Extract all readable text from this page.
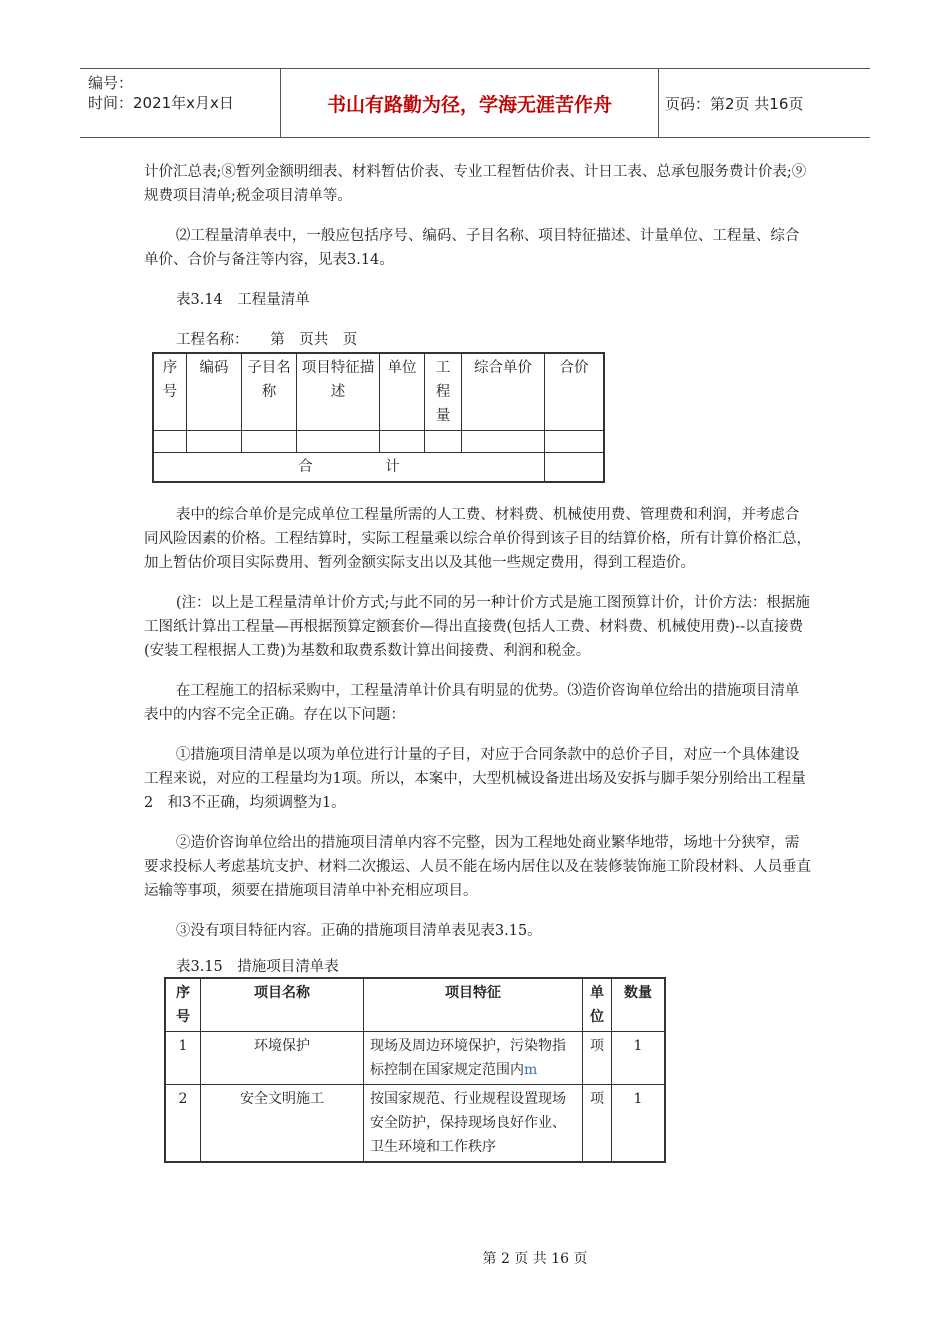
编号：
时间：2021年x月x日	书山有路勤为径，学海无涯苦作舟	页码：第2页 共16页

计价汇总表;⑧暂列金额明细表、材料暂估价表、专业工程暂估价表、计日工表、总承包服务费计价表;⑨规费项目清单;税金项目清单等。

⑵工程量清单表中，一般应包括序号、编码、子目名称、项目特征描述、计量单位、工程量、综合单价、合价与备注等内容，见表3.14。

表3.14　工程量清单

工程名称：　　第　页共　页
序号	编码	子目名称	项目特征描述	单位	工程量	综合单价	合价

合　　　　　计							

表中的综合单价是完成单位工程量所需的人工费、材料费、机械使用费、管理费和利润，并考虑合同风险因素的价格。工程结算时，实际工程量乘以综合单价得到该子目的结算价格，所有计算价格汇总，加上暂估价项目实际费用、暂列金额实际支出以及其他一些规定费用，得到工程造价。

(注：以上是工程量清单计价方式;与此不同的另一种计价方式是施工图预算计价，计价方法：根据施工图纸计算出工程量—再根据预算定额套价—得出直接费(包括人工费、材料费、机械使用费)--以直接费(安装工程根据人工费)为基数和取费系数计算出间接费、利润和税金。

在工程施工的招标采购中，工程量清单计价具有明显的优势。⑶造价咨询单位给出的措施项目清单表中的内容不完全正确。存在以下问题：

①措施项目清单是以项为单位进行计量的子目，对应于合同条款中的总价子目，对应一个具体建设工程来说，对应的工程量均为1项。所以，本案中，大型机械设备进出场及安拆与脚手架分别给出工程量2　和3不正确，均须调整为1。

②造价咨询单位给出的措施项目清单内容不完整，因为工程地处商业繁华地带，场地十分狭窄，需要求投标人考虑基坑支护、材料二次搬运、人员不能在场内居住以及在装修装饰施工阶段材料、人员垂直运输等事项，须要在措施项目清单中补充相应项目。

③没有项目特征内容。正确的措施项目清单表见表3.15。

表3.15　措施项目清单表
序号	项目名称	项目特征	单位	数量
1	环境保护	现场及周边环境保护，污染物指标控制在国家规定范围内m	项	1
2	安全文明施工	按国家规范、行业规程设置现场安全防护，保持现场良好作业、卫生环境和工作秩序	项	1
第 2 页 共 16 页
